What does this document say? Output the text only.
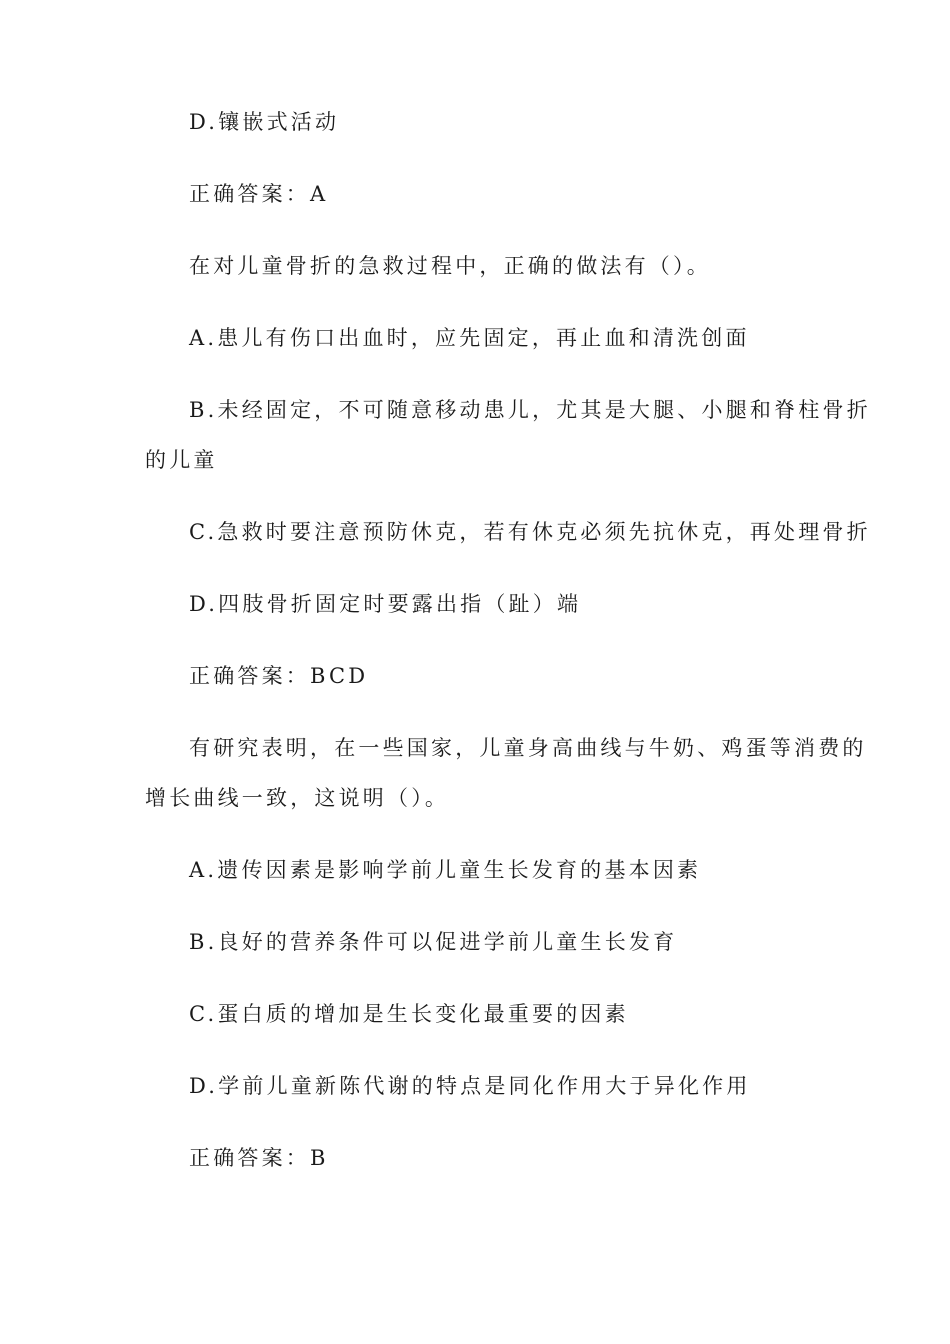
D.镶嵌式活动
正确答案：A
在对儿童骨折的急救过程中，正确的做法有（）。
A.患儿有伤口出血时，应先固定，再止血和清洗创面
B.未经固定，不可随意移动患儿，尤其是大腿、小腿和脊柱骨折
的儿童
C.急救时要注意预防休克，若有休克必须先抗休克，再处理骨折
D.四肢骨折固定时要露出指（趾）端
正确答案：BCD
有研究表明，在一些国家，儿童身高曲线与牛奶、鸡蛋等消费的
增长曲线一致，这说明（）。
A.遗传因素是影响学前儿童生长发育的基本因素
B.良好的营养条件可以促进学前儿童生长发育
C.蛋白质的增加是生长变化最重要的因素
D.学前儿童新陈代谢的特点是同化作用大于异化作用
正确答案：B
